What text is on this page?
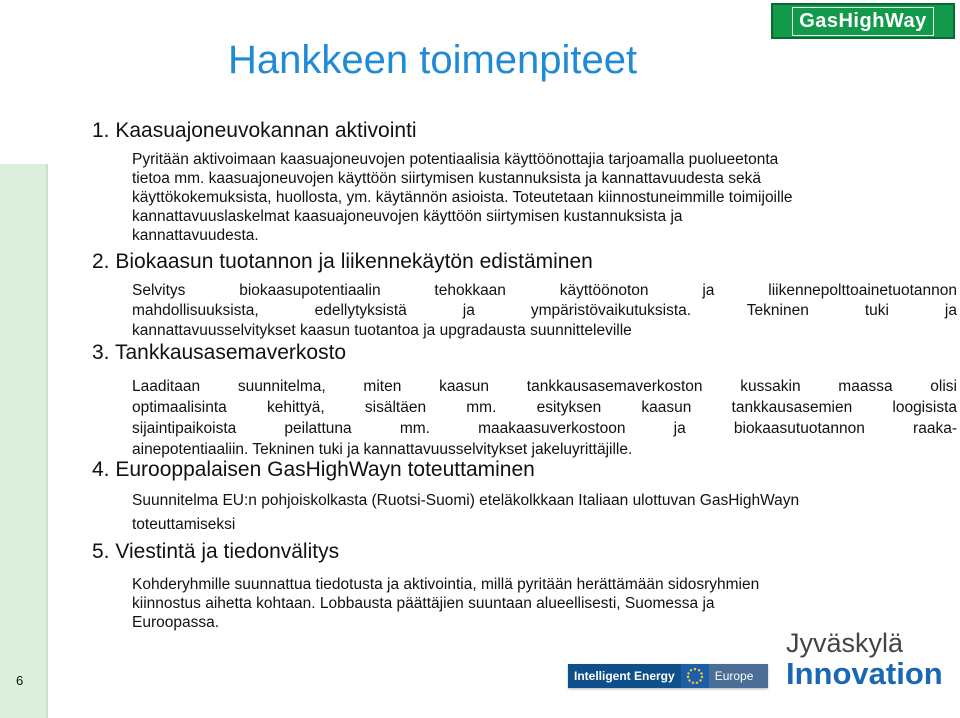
Hankkeen toimenpiteet
GasHighWay
6
1. Kaasuajoneuvokannan aktivointi
Pyritään aktivoimaan kaasuajoneuvojen potentiaalisia käyttöönottajia tarjoamalla puolueetonta
tietoa mm. kaasuajoneuvojen käyttöön siirtymisen kustannuksista ja kannattavuudesta sekä
käyttökokemuksista, huollosta, ym. käytännön asioista. Toteutetaan kiinnostuneimmille toimijoille
kannattavuuslaskelmat kaasuajoneuvojen käyttöön siirtymisen kustannuksista ja
kannattavuudesta.
2. Biokaasun tuotannon ja liikennekäytön edistäminen
Selvitys biokaasupotentiaalin tehokkaan käyttöönoton ja liikennepolttoainetuotannon
mahdollisuuksista, edellytyksistä ja ympäristövaikutuksista. Tekninen tuki ja
kannattavuusselvitykset kaasun tuotantoa ja upgradausta suunnitteleville
3. Tankkausasemaverkosto
Laaditaan suunnitelma, miten kaasun tankkausasemaverkoston kussakin maassa olisi
optimaalisinta kehittyä, sisältäen mm. esityksen kaasun tankkausasemien loogisista
sijaintipaikoista peilattuna mm. maakaasuverkostoon ja biokaasutuotannon raaka-
ainepotentiaaliin. Tekninen tuki ja kannattavuusselvitykset jakeluyrittäjille.
4. Eurooppalaisen GasHighWayn toteuttaminen
Suunnitelma EU:n pohjoiskolkasta (Ruotsi-Suomi) eteläkolkkaan Italiaan ulottuvan GasHighWayn
toteuttamiseksi
5. Viestintä ja tiedonvälitys
Kohderyhmille suunnattua tiedotusta ja aktivointia, millä pyritään herättämään sidosryhmien
kiinnostus aihetta kohtaan. Lobbausta päättäjien suuntaan alueellisesti, Suomessa ja
Euroopassa.
Intelligent Energy	Europe
Jyväskylä
Innovation
